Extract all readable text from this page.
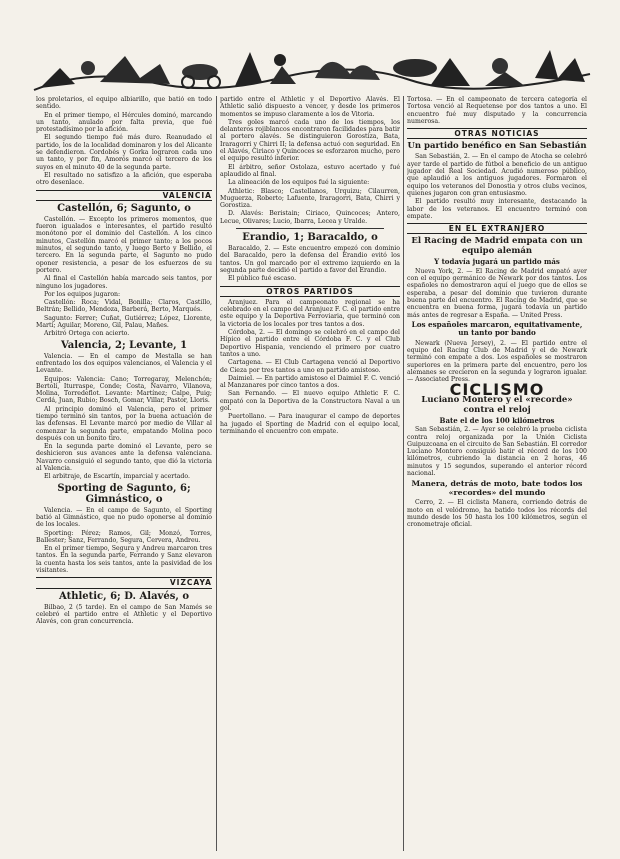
los proletarios, el equipo albiarillo, que batió en todo sentido.

En el primer tiempo, el Hércules dominó, marcando un tanto, anulado por falta previa, que fué protestadísimo por la afición.

El segundo tiempo fué más duro. Reanudado el partido, los de la localidad dominaron y los del Alicante se defendieron. Cordobés y Gorka lograron cada uno un tanto, y por fin, Amorós marcó el tercero de los suyos en el minuto 40 de la segunda parte.

El resultado no satisfizo a la afición, que esperaba otro desenlace.

VALENCIA
Castellón, 6; Sagunto, o

Castellón. — Excepto los primeros momentos, que fueron igualados e interesantes, el partido resultó monótono por el dominio del Castellón. A los cinco minutos, Castellón marcó el primer tanto; a los pocos minutos, el segundo tanto, y luego Berto y Bellido, el tercero. En la segunda parte, el Sagunto no pudo oponer resistencia, a pesar de los esfuerzos de su portero.

Al final el Castellón había marcado seis tantos, por ninguno los jugadores.

Por los equipos jugaron:

Castellón: Roca; Vidal, Bonilla; Claros, Castillo, Beltrán; Bellido, Mendoza, Barberá, Berto, Marqués.

Sagunto: Ferrer; Cuñat, Gutiérrez; López, Llorente, Martí; Aguilar, Moreno, Gil, Palau, Mañes.

Arbitró Ortega con acierto.

Valencia, 2; Levante, 1

Valencia. — En el campo de Mestalla se han enfrentado los dos equipos valencianos, el Valencia y el Levante.

Equipos: Valencia: Cano; Torregaray, Melenchón; Bertolí, Iturraspe, Conde; Costa, Navarro, Vilanova, Molina, Torredeflot. Levante: Martínez; Calpe, Puig; Cerdá, Juan, Rubio; Bosch, Gomar, Villar, Pastor, Lloris.

Al principio dominó el Valencia, pero el primer tiempo terminó sin tantos, por la buena actuación de las defensas. El Levante marcó por medio de Villar al comenzar la segunda parte, empatando Molina poco después con un bonito tiro.

En la segunda parte dominó el Levante, pero se deshicieron sus avances ante la defensa valenciana. Navarro consiguió el segundo tanto, que dió la victoria al Valencia.

El arbitraje, de Escartín, imparcial y acertado.

Sporting de Sagunto, 6; Gimnástico, o

Valencia. — En el campo de Sagunto, el Sporting batió al Gimnástico, que no pudo oponerse al dominio de los locales.

Sporting: Pérez; Ramos, Gil; Monzó, Torres, Ballester; Sanz, Ferrando, Segura, Cervera, Andreu.

En el primer tiempo, Segura y Andreu marcaron tres tantos. En la segunda parte, Ferrando y Sanz elevaron la cuenta hasta los seis tantos, ante la pasividad de los visitantes.

VIZCAYA
Athletic, 6; D. Alavés, o

Bilbao, 2 (5 tarde). En el campo de San Mamés se celebró el partido entre el Athletic y el Deportivo Alavés, con gran concurrencia.

partido entre el Athletic y el Deportivo Alavés. El Athletic salió dispuesto a vencer, y desde los primeros momentos se impuso claramente a los de Vitoria.

Tres goles marcó cada uno de los tiempos, los delanteros rojiblancos encontraron facilidades para batir al portero alavés. Se distinguieron Gorostiza, Bata, Iraragorri y Chirri II; la defensa actuó con seguridad. En el Alavés, Ciriaco y Quincoces se esforzaron mucho, pero el equipo resultó inferior.

El árbitro, señor Ostolaza, estuvo acertado y fué aplaudido al final.

La alineación de los equipos fué la siguiente:

Athletic: Blasco; Castellanos, Urquizu; Cilaurren, Muguerza, Roberto; Lafuente, Iraragorri, Bata, Chirri y Gorostiza.

D. Alavés: Beristain; Ciriaco, Quincoces; Antero, Lecue, Olivares; Lucio, Ibarra, Lecea y Uralde.

Erandio, 1; Baracaldo, o

Baracaldo, 2. — Este encuentro empezó con dominio del Baracaldo, pero la defensa del Erandio evitó los tantos. Un gol marcado por el extremo izquierdo en la segunda parte decidió el partido a favor del Erandio.

El público fué escaso.

OTROS PARTIDOS

Aranjuez. Para el campeonato regional se ha celebrado en el campo del Aranjuez F. C. el partido entre este equipo y la Deportiva Ferroviaria, que terminó con la victoria de los locales por tres tantos a dos.

Córdoba, 2. — El domingo se celebró en el campo del Hípico el partido entre el Córdoba F. C. y el Club Deportivo Hispania, venciendo el primero por cuatro tantos a uno.

Cartagena. — El Club Cartagena venció al Deportivo de Cieza por tres tantos a uno en partido amistoso.

Daimiel. — En partido amistoso el Daimiel F. C. venció al Manzanares por cinco tantos a dos.

San Fernando. — El nuevo equipo Athletic F. C. empató con la Deportiva de la Constructora Naval a un gol.

Puertollano. — Para inaugurar el campo de deportes ha jugado el Sporting de Madrid con el equipo local, terminando el encuentro con empate.

Tortosa. — En el campeonato de tercera categoría el Tortosa venció al Requetense por dos tantos a uno. El encuentro fué muy disputado y la concurrencia numerosa.

OTRAS NOTICIAS
Un partido benéfico en San Sebastián

San Sebastián, 2. — En el campo de Atocha se celebró ayer tarde el partido de fútbol a beneficio de un antiguo jugador del Real Sociedad. Acudió numeroso público, que aplaudió a los antiguos jugadores. Formaron el equipo los veteranos del Donostia y otros clubs vecinos, quienes jugaron con gran entusiasmo.

El partido resultó muy interesante, destacando la labor de los veteranos. El encuentro terminó con empate.

EN EL EXTRANJERO
El Racing de Madrid empata con un equipo alemán
Y todavía jugará un partido más

Nueva York, 2. — El Racing de Madrid empató ayer con el equipo germánico de Newark por dos tantos. Los españoles no demostraron aquí el juego que de ellos se esperaba, a pesar del dominio que tuvieron durante buena parte del encuentro. El Racing de Madrid, que se encuentra en buena forma, jugará todavía un partido más antes de regresar a España. — United Press.

Los españoles marcaron, equitativamente, un tanto por bando

Newark (Nueva Jersey), 2. — El partido entre el equipo del Racing Club de Madrid y el de Newark terminó con empate a dos. Los españoles se mostraron superiores en la primera parte del encuentro, pero los alemanes se crecieron en la segunda y lograron igualar. — Associated Press.

CICLISMO
Luciano Montero y el «recorde» contra el reloj
Bate el de los 100 kilómetros

San Sebastián, 2. — Ayer se celebró la prueba ciclista contra reloj organizada por la Unión Ciclista Guipuzcoana en el circuito de San Sebastián. El corredor Luciano Montero consiguió batir el récord de los 100 kilómetros, cubriendo la distancia en 2 horas, 46 minutos y 15 segundos, superando el anterior récord nacional.

Manera, detrás de moto, bate todos los «recordes» del mundo

Cerro, 2. — El ciclista Manera, corriendo detrás de moto en el velódromo, ha batido todos los récords del mundo desde los 50 hasta los 100 kilómetros, según el cronometraje oficial.
